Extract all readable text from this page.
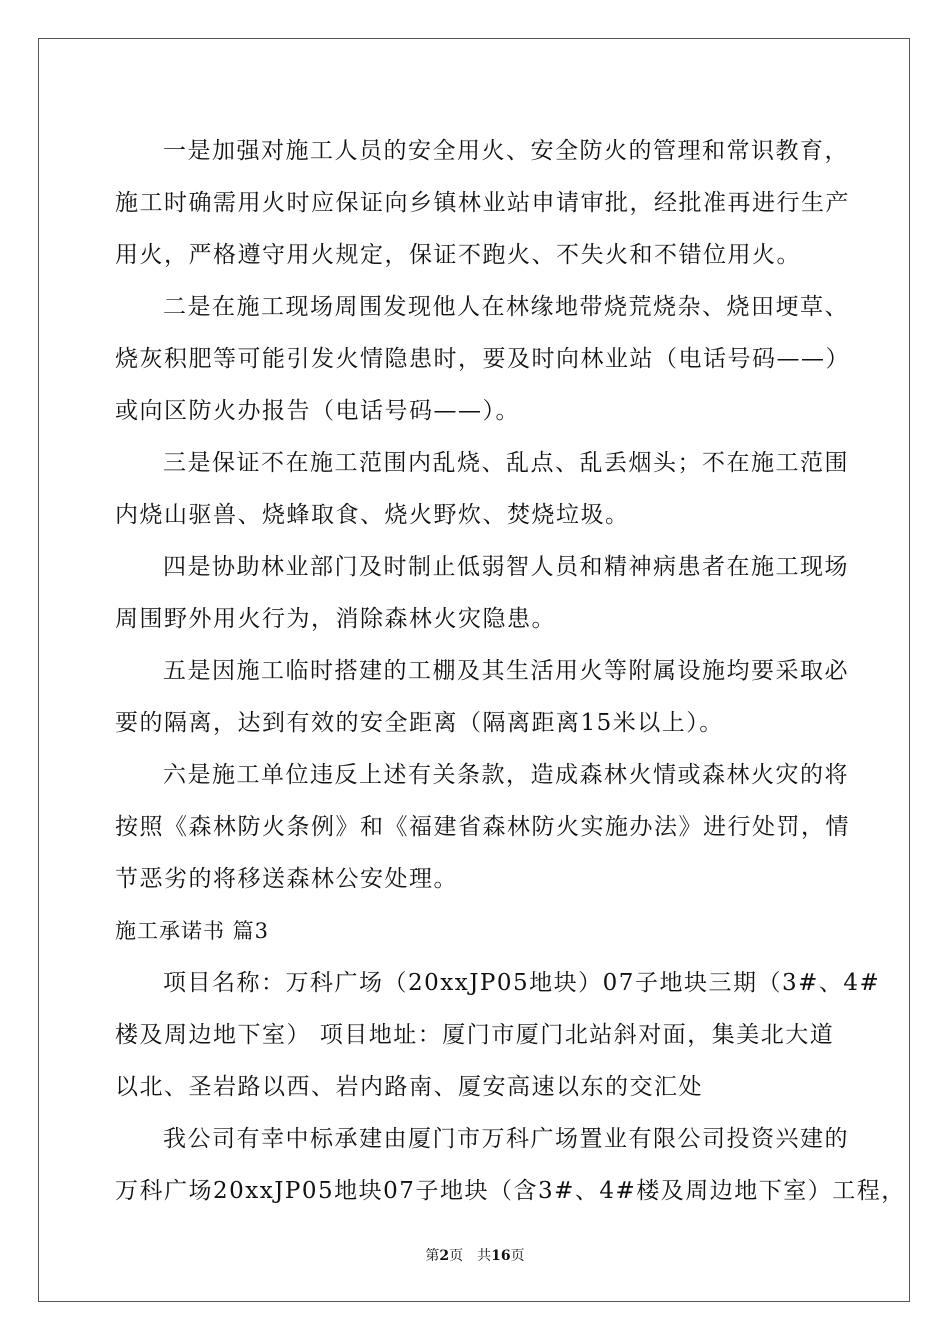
一是加强对施工人员的安全用火、安全防火的管理和常识教育，
施工时确需用火时应保证向乡镇林业站申请审批，经批准再进行生产
用火，严格遵守用火规定，保证不跑火、不失火和不错位用火。
二是在施工现场周围发现他人在林缘地带烧荒烧杂、烧田埂草、
烧灰积肥等可能引发火情隐患时，要及时向林业站（电话号码——）
或向区防火办报告（电话号码——）。
三是保证不在施工范围内乱烧、乱点、乱丢烟头；不在施工范围
内烧山驱兽、烧蜂取食、烧火野炊、焚烧垃圾。
四是协助林业部门及时制止低弱智人员和精神病患者在施工现场
周围野外用火行为，消除森林火灾隐患。
五是因施工临时搭建的工棚及其生活用火等附属设施均要采取必
要的隔离，达到有效的安全距离（隔离距离15米以上）。
六是施工单位违反上述有关条款，造成森林火情或森林火灾的将
按照《森林防火条例》和《福建省森林防火实施办法》进行处罚，情
节恶劣的将移送森林公安处理。
施工承诺书 篇3
项目名称：万科广场（20xxJP05地块）07子地块三期（3#、4#
楼及周边地下室） 项目地址：厦门市厦门北站斜对面，集美北大道
以北、圣岩路以西、岩内路南、厦安高速以东的交汇处
我公司有幸中标承建由厦门市万科广场置业有限公司投资兴建的
万科广场20xxJP05地块07子地块（含3#、4#楼及周边地下室）工程，
第2页　共16页
